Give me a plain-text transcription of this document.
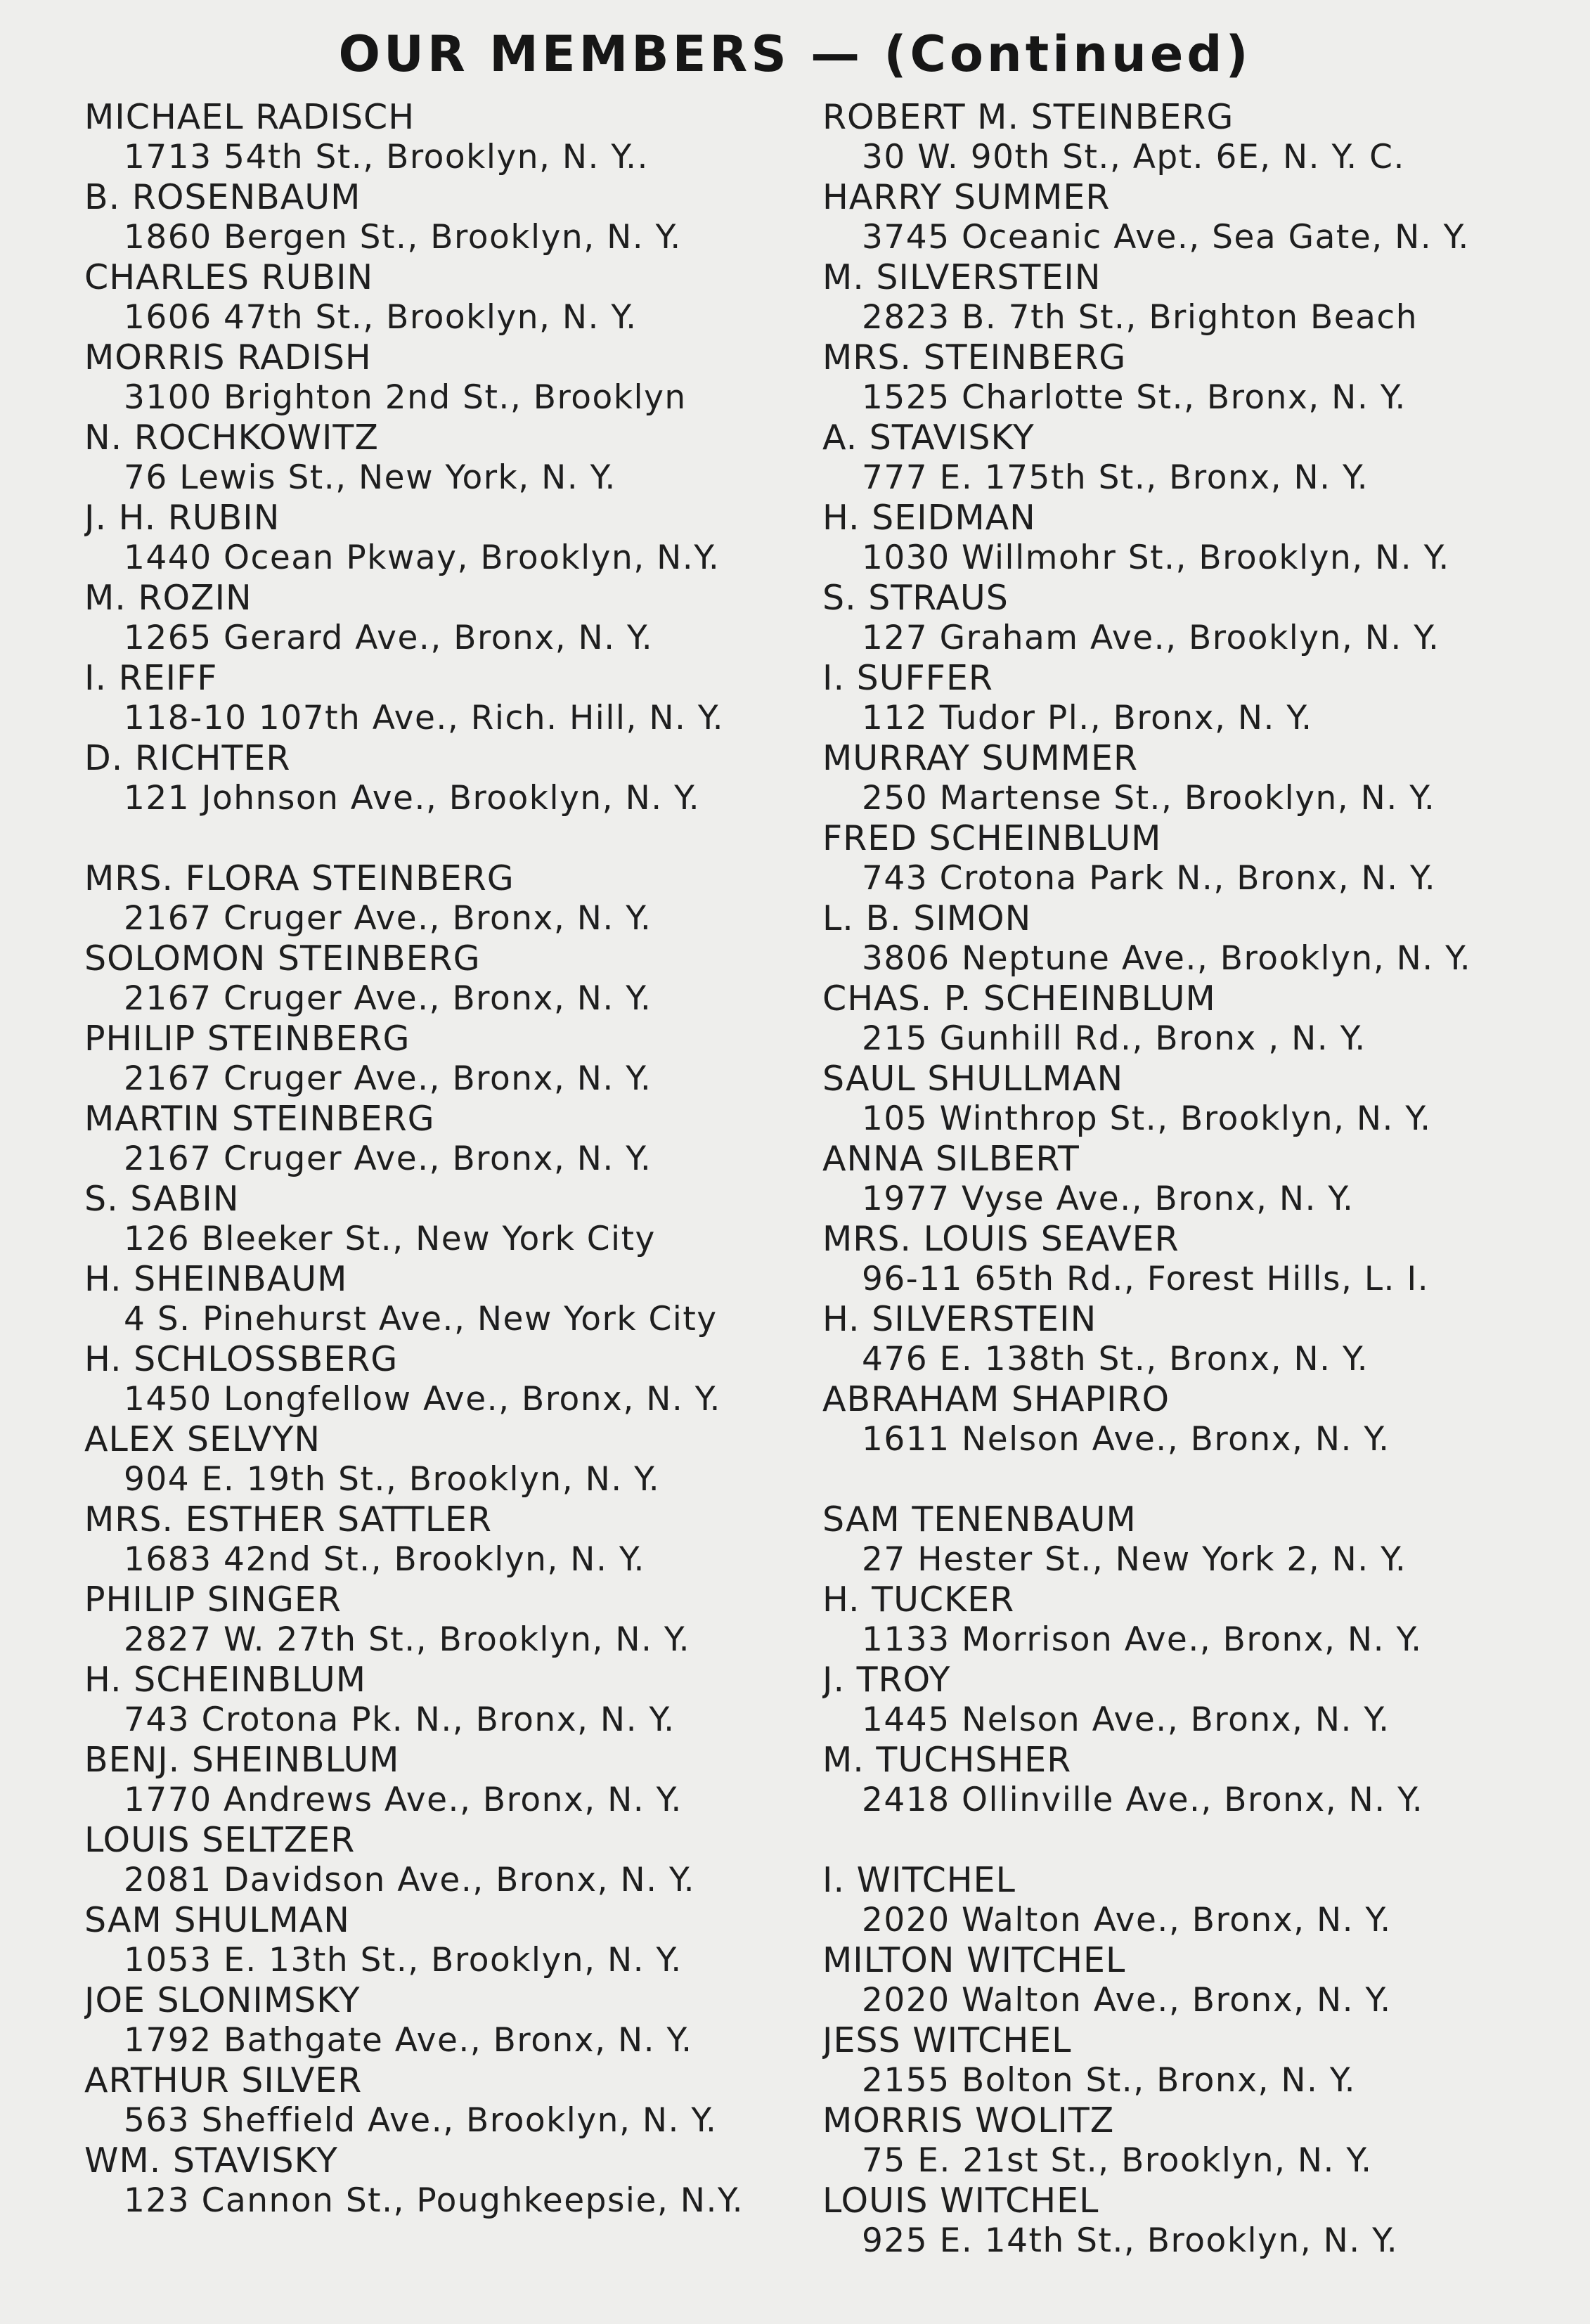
OUR MEMBERS — (Continued)
MICHAEL RADISCH
1713 54th St., Brooklyn, N. Y..
B. ROSENBAUM
1860 Bergen St., Brooklyn, N. Y.
CHARLES RUBIN
1606 47th St., Brooklyn, N. Y.
MORRIS RADISH
3100 Brighton 2nd St., Brooklyn
N. ROCHKOWITZ
76 Lewis St., New York, N. Y.
J. H. RUBIN
1440 Ocean Pkway, Brooklyn, N.Y.
M. ROZIN
1265 Gerard Ave., Bronx, N. Y.
I. REIFF
118-10 107th Ave., Rich. Hill, N. Y.
D. RICHTER
121 Johnson Ave., Brooklyn, N. Y.
MRS. FLORA STEINBERG
2167 Cruger Ave., Bronx, N. Y.
SOLOMON STEINBERG
2167 Cruger Ave., Bronx, N. Y.
PHILIP STEINBERG
2167 Cruger Ave., Bronx, N. Y.
MARTIN STEINBERG
2167 Cruger Ave., Bronx, N. Y.
S. SABIN
126 Bleeker St., New York City
H. SHEINBAUM
4 S. Pinehurst Ave., New York City
H. SCHLOSSBERG
1450 Longfellow Ave., Bronx, N. Y.
ALEX SELVYN
904 E. 19th St., Brooklyn, N. Y.
MRS. ESTHER SATTLER
1683 42nd St., Brooklyn, N. Y.
PHILIP SINGER
2827 W. 27th St., Brooklyn, N. Y.
H. SCHEINBLUM
743 Crotona Pk. N., Bronx, N. Y.
BENJ. SHEINBLUM
1770 Andrews Ave., Bronx, N. Y.
LOUIS SELTZER
2081 Davidson Ave., Bronx, N. Y.
SAM SHULMAN
1053 E. 13th St., Brooklyn, N. Y.
JOE SLONIMSKY
1792 Bathgate Ave., Bronx, N. Y.
ARTHUR SILVER
563 Sheffield Ave., Brooklyn, N. Y.
WM. STAVISKY
123 Cannon St., Poughkeepsie, N.Y.
ROBERT M. STEINBERG
30 W. 90th St., Apt. 6E, N. Y. C.
HARRY SUMMER
3745 Oceanic Ave., Sea Gate, N. Y.
M. SILVERSTEIN
2823 B. 7th St., Brighton Beach
MRS. STEINBERG
1525 Charlotte St., Bronx, N. Y.
A. STAVISKY
777 E. 175th St., Bronx, N. Y.
H. SEIDMAN
1030 Willmohr St., Brooklyn, N. Y.
S. STRAUS
127 Graham Ave., Brooklyn, N. Y.
I. SUFFER
112 Tudor Pl., Bronx, N. Y.
MURRAY SUMMER
250 Martense St., Brooklyn, N. Y.
FRED SCHEINBLUM
743 Crotona Park N., Bronx, N. Y.
L. B. SIMON
3806 Neptune Ave., Brooklyn, N. Y.
CHAS. P. SCHEINBLUM
215 Gunhill Rd., Bronx , N. Y.
SAUL SHULLMAN
105 Winthrop St., Brooklyn, N. Y.
ANNA SILBERT
1977 Vyse Ave., Bronx, N. Y.
MRS. LOUIS SEAVER
96-11 65th Rd., Forest Hills, L. I.
H. SILVERSTEIN
476 E. 138th St., Bronx, N. Y.
ABRAHAM SHAPIRO
1611 Nelson Ave., Bronx, N. Y.
SAM TENENBAUM
27 Hester St., New York 2, N. Y.
H. TUCKER
1133 Morrison Ave., Bronx, N. Y.
J. TROY
1445 Nelson Ave., Bronx, N. Y.
M. TUCHSHER
2418 Ollinville Ave., Bronx, N. Y.
I. WITCHEL
2020 Walton Ave., Bronx, N. Y.
MILTON WITCHEL
2020 Walton Ave., Bronx, N. Y.
JESS WITCHEL
2155 Bolton St., Bronx, N. Y.
MORRIS WOLITZ
75 E. 21st St., Brooklyn, N. Y.
LOUIS WITCHEL
925 E. 14th St., Brooklyn, N. Y.
